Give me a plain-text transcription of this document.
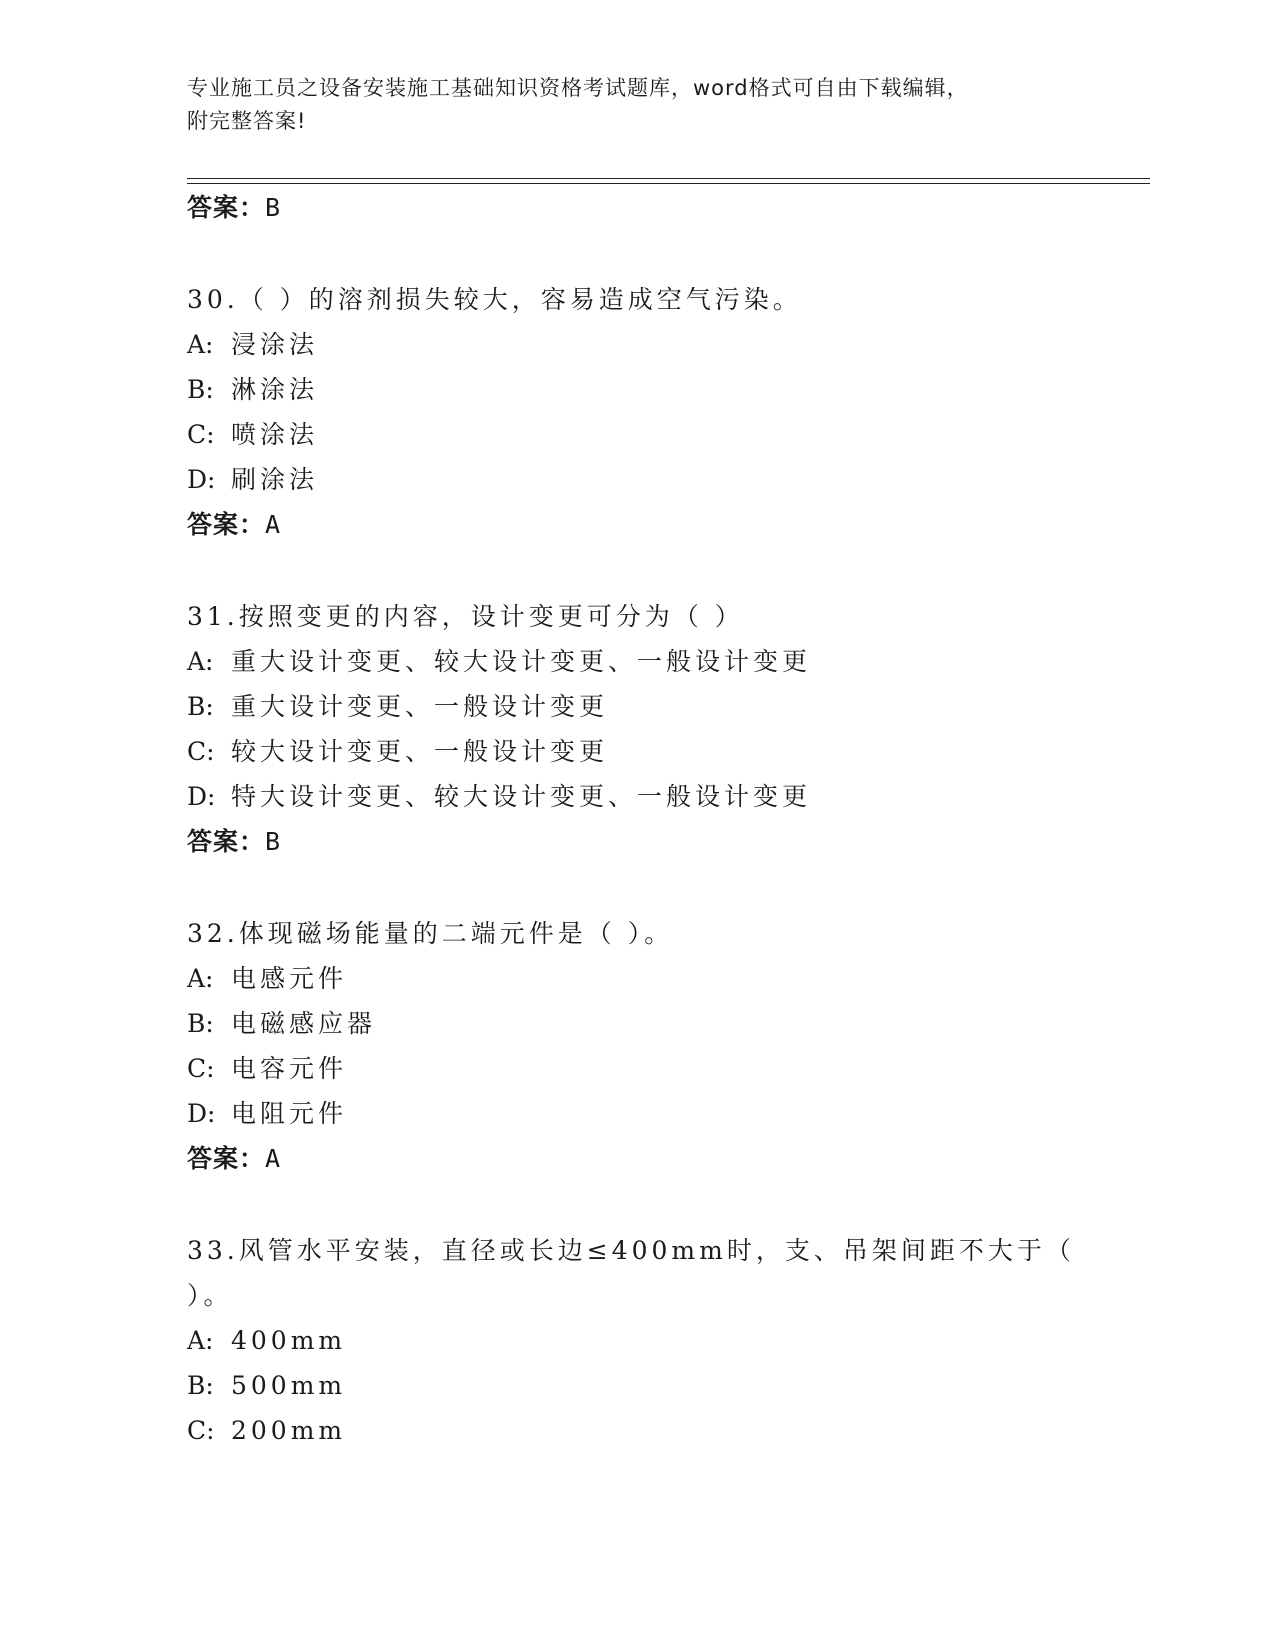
专业施工员之设备安装施工基础知识资格考试题库，word格式可自由下载编辑，
附完整答案!
答案：B
30.（ ）的溶剂损失较大，容易造成空气污染。
A: 浸涂法
B: 淋涂法
C: 喷涂法
D: 刷涂法
答案：A
31.按照变更的内容，设计变更可分为（ ）
A: 重大设计变更、较大设计变更、一般设计变更
B: 重大设计变更、一般设计变更
C: 较大设计变更、一般设计变更
D: 特大设计变更、较大设计变更、一般设计变更
答案：B
32.体现磁场能量的二端元件是（ ）。
A: 电感元件
B: 电磁感应器
C: 电容元件
D: 电阻元件
答案：A
33.风管水平安装，直径或长边≤400mm时，支、吊架间距不大于（ ）。
A: 400mm
B: 500mm
C: 200mm
